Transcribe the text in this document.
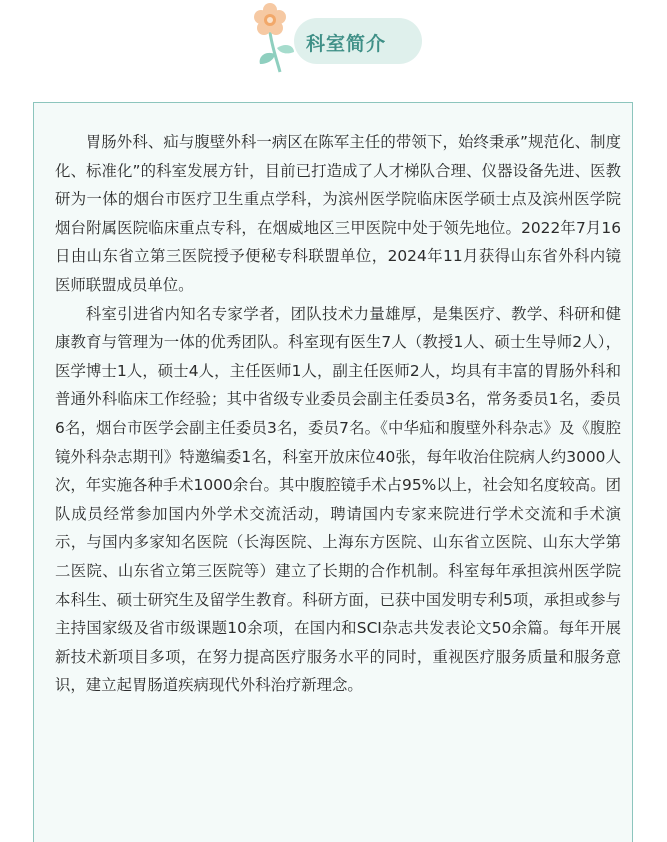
科室简介

胃肠外科、疝与腹壁外科一病区在陈军主任的带领下，始终秉承”规范化、制度化、标准化”的科室发展方针，目前已打造成了人才梯队合理、仪器设备先进、医教研为一体的烟台市医疗卫生重点学科，为滨州医学院临床医学硕士点及滨州医学院烟台附属医院临床重点专科，在烟威地区三甲医院中处于领先地位。2022年7月16日由山东省立第三医院授予便秘专科联盟单位，2024年11月获得山东省外科内镜医师联盟成员单位。

科室引进省内知名专家学者，团队技术力量雄厚，是集医疗、教学、科研和健康教育与管理为一体的优秀团队。科室现有医生7人（教授1人、硕士生导师2人），医学博士1人，硕士4人，主任医师1人，副主任医师2人，均具有丰富的胃肠外科和普通外科临床工作经验；其中省级专业委员会副主任委员3名，常务委员1名，委员6名，烟台市医学会副主任委员3名，委员7名。《中华疝和腹壁外科杂志》及《腹腔镜外科杂志期刊》特邀编委1名，科室开放床位40张，每年收治住院病人约3000人次，年实施各种手术1000余台。其中腹腔镜手术占95%以上，社会知名度较高。团队成员经常参加国内外学术交流活动，聘请国内专家来院进行学术交流和手术演示，与国内多家知名医院（长海医院、上海东方医院、山东省立医院、山东大学第二医院、山东省立第三医院等）建立了长期的合作机制。科室每年承担滨州医学院本科生、硕士研究生及留学生教育。科研方面，已获中国发明专利5项，承担或参与主持国家级及省市级课题10余项，在国内和SCI杂志共发表论文50余篇。每年开展新技术新项目多项，在努力提高医疗服务水平的同时，重视医疗服务质量和服务意识，建立起胃肠道疾病现代外科治疗新理念。
